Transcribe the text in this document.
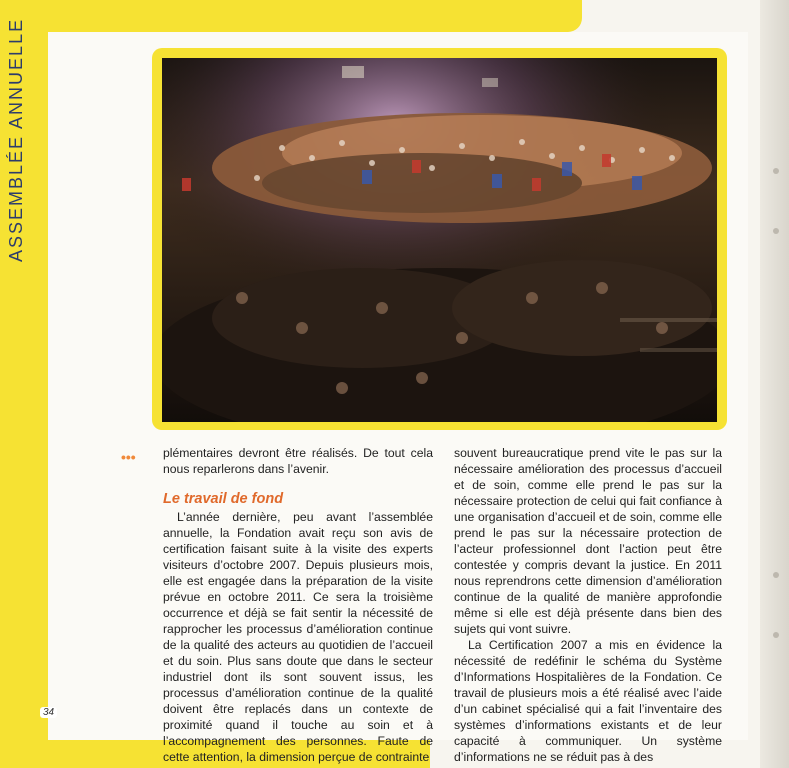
ASSEMBLÉE ANNUELLE
••• plémentaires devront être réalisés. De tout cela nous reparlerons dans l’avenir.

Le travail de fond

L’année dernière, peu avant l’assemblée annuelle, la Fondation avait reçu son avis de certification faisant suite à la visite des experts visiteurs d’octobre 2007. Depuis plusieurs mois, elle est engagée dans la préparation de la visite prévue en octobre 2011. Ce sera la troisième occurrence et déjà se fait sentir la nécessité de rapprocher les processus d’amélioration continue de la qualité des acteurs au quotidien de l’accueil et du soin. Plus sans doute que dans le secteur industriel dont ils sont souvent issus, les processus d’amélioration continue de la qualité doivent être replacés dans un contexte de proximité quand il touche au soin et à l’accompagnement des personnes. Faute de cette attention, la dimension perçue de contrainte

souvent bureaucratique prend vite le pas sur la nécessaire amélioration des processus d’accueil et de soin, comme elle prend le pas sur la nécessaire protection de celui qui fait confiance à une organisation d’accueil et de soin, comme elle prend le pas sur la nécessaire protection de l’acteur professionnel dont l’action peut être contestée y compris devant la justice. En 2011 nous reprendrons cette dimension d’amélioration continue de la qualité de manière approfondie même si elle est déjà présente dans bien des sujets qui vont suivre.

La Certification 2007 a mis en évidence la nécessité de redéfinir le schéma du Système d’Informations Hospitalières de la Fondation. Ce travail de plusieurs mois a été réalisé avec l’aide d’un cabinet spécialisé qui a fait l’inventaire des systèmes d’informations existants et de leur capacité à communiquer. Un système d’informations ne se réduit pas à des

34
